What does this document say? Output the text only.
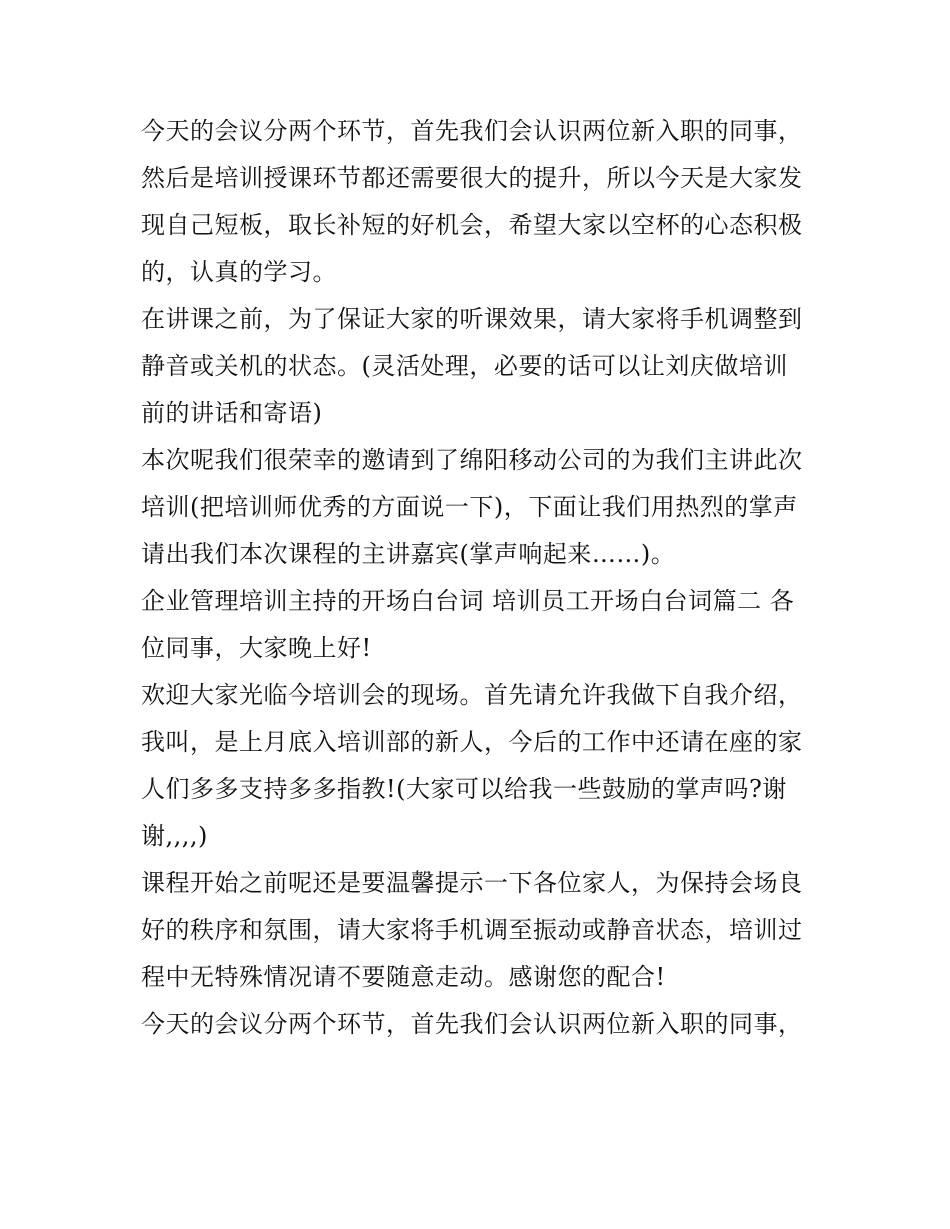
今天的会议分两个环节，首先我们会认识两位新入职的同事，
然后是培训授课环节都还需要很大的提升，所以今天是大家发
现自己短板，取长补短的好机会，希望大家以空杯的心态积极
的，认真的学习。
在讲课之前，为了保证大家的听课效果，请大家将手机调整到
静音或关机的状态。(灵活处理，必要的话可以让刘庆做培训
前的讲话和寄语)
本次呢我们很荣幸的邀请到了绵阳移动公司的为我们主讲此次
培训(把培训师优秀的方面说一下)，下面让我们用热烈的掌声
请出我们本次课程的主讲嘉宾(掌声响起来……)。
企业管理培训主持的开场白台词 培训员工开场白台词篇二 各
位同事，大家晚上好!
欢迎大家光临今培训会的现场。首先请允许我做下自我介绍，
我叫，是上月底入培训部的新人，今后的工作中还请在座的家
人们多多支持多多指教!(大家可以给我一些鼓励的掌声吗?谢
谢,,,,)
课程开始之前呢还是要温馨提示一下各位家人，为保持会场良
好的秩序和氛围，请大家将手机调至振动或静音状态，培训过
程中无特殊情况请不要随意走动。感谢您的配合!
今天的会议分两个环节，首先我们会认识两位新入职的同事，
